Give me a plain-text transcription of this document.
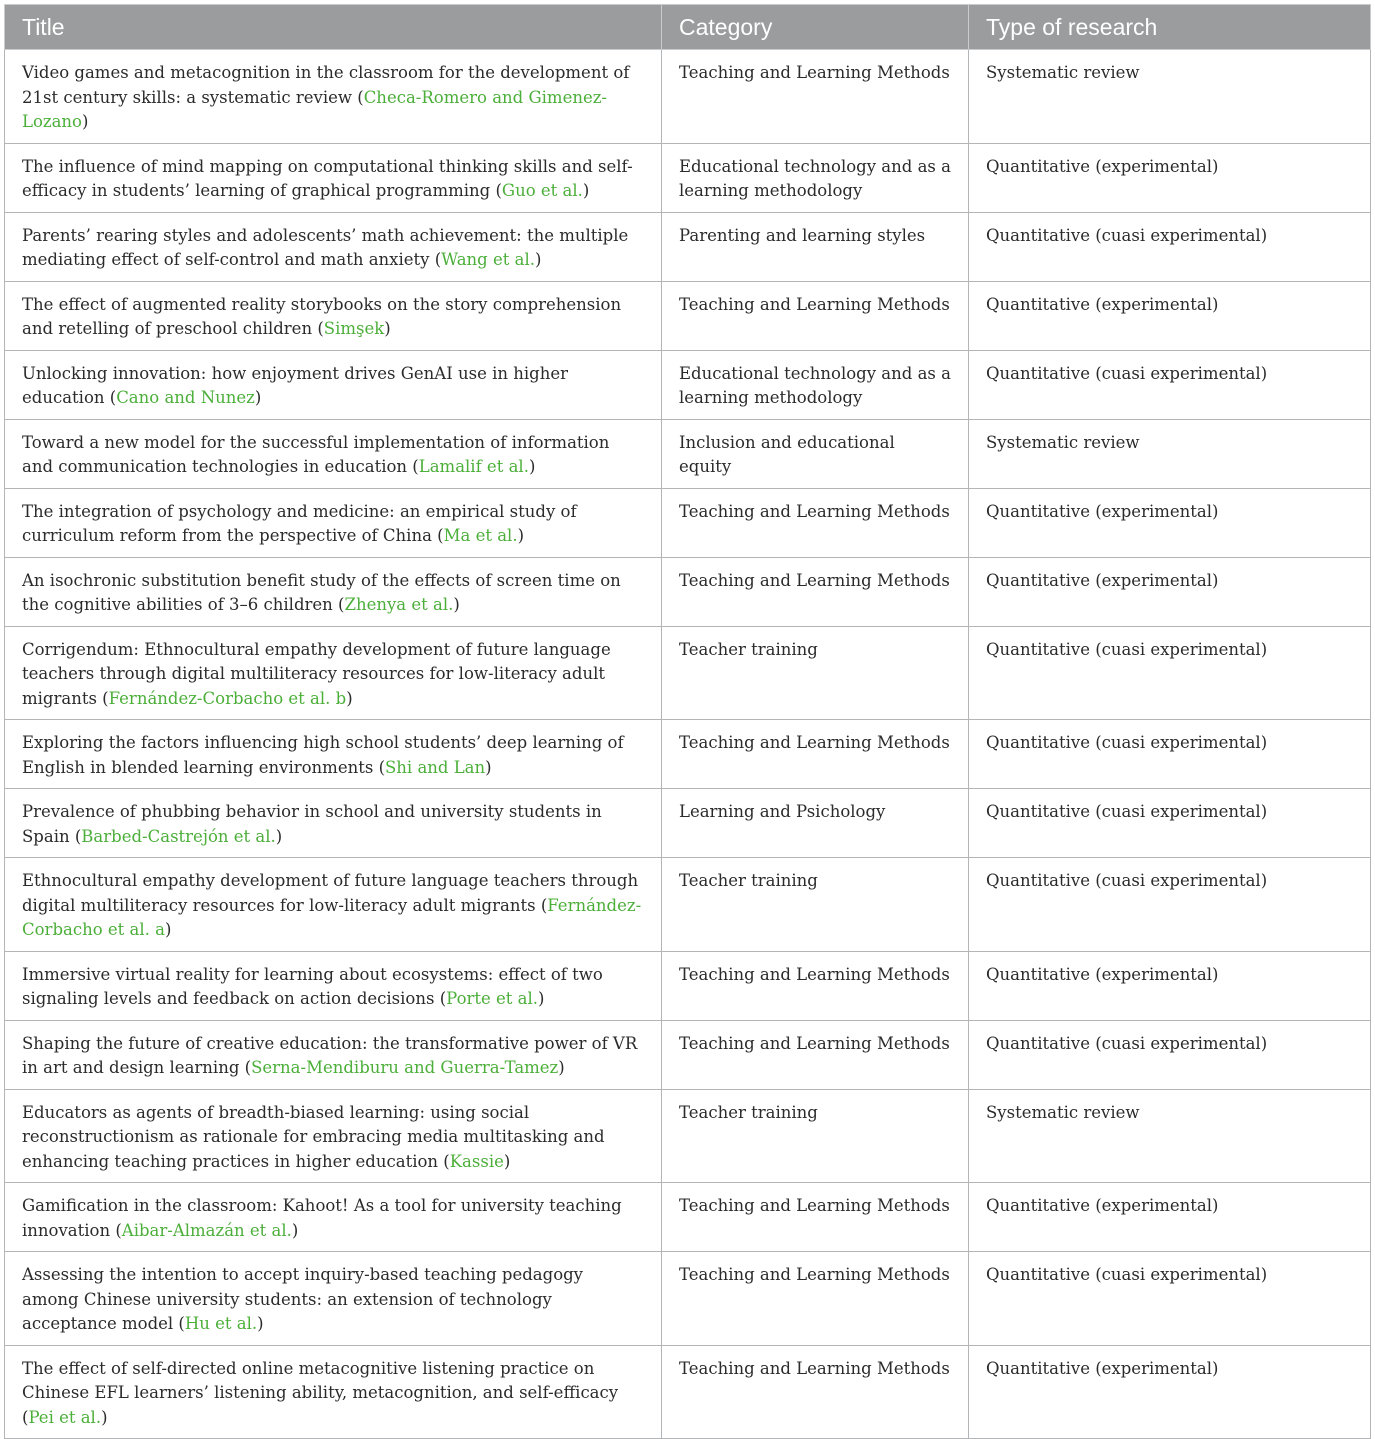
Title	Category	Type of research
Video games and metacognition in the classroom for the development of 21st century skills: a systematic review (Checa-Romero and Gimenez-Lozano)	Teaching and Learning Methods	Systematic review
The influence of mind mapping on computational thinking skills and self-efficacy in students’ learning of graphical programming (Guo et al.)	Educational technology and as a learning methodology	Quantitative (experimental)
Parents’ rearing styles and adolescents’ math achievement: the multiple mediating effect of self-control and math anxiety (Wang et al.)	Parenting and learning styles	Quantitative (cuasi experimental)
The effect of augmented reality storybooks on the story comprehension and retelling of preschool children (Simşek)	Teaching and Learning Methods	Quantitative (experimental)
Unlocking innovation: how enjoyment drives GenAI use in higher education (Cano and Nunez)	Educational technology and as a learning methodology	Quantitative (cuasi experimental)
Toward a new model for the successful implementation of information and communication technologies in education (Lamalif et al.)	Inclusion and educational equity	Systematic review
The integration of psychology and medicine: an empirical study of curriculum reform from the perspective of China (Ma et al.)	Teaching and Learning Methods	Quantitative (experimental)
An isochronic substitution benefit study of the effects of screen time on the cognitive abilities of 3–6 children (Zhenya et al.)	Teaching and Learning Methods	Quantitative (experimental)
Corrigendum: Ethnocultural empathy development of future language teachers through digital multiliteracy resources for low-literacy adult migrants (Fernández-Corbacho et al. b)	Teacher training	Quantitative (cuasi experimental)
Exploring the factors influencing high school students’ deep learning of English in blended learning environments (Shi and Lan)	Teaching and Learning Methods	Quantitative (cuasi experimental)
Prevalence of phubbing behavior in school and university students in Spain (Barbed-Castrejón et al.)	Learning and Psichology	Quantitative (cuasi experimental)
Ethnocultural empathy development of future language teachers through digital multiliteracy resources for low-literacy adult migrants (Fernández-Corbacho et al. a)	Teacher training	Quantitative (cuasi experimental)
Immersive virtual reality for learning about ecosystems: effect of two signaling levels and feedback on action decisions (Porte et al.)	Teaching and Learning Methods	Quantitative (experimental)
Shaping the future of creative education: the transformative power of VR in art and design learning (Serna-Mendiburu and Guerra-Tamez)	Teaching and Learning Methods	Quantitative (cuasi experimental)
Educators as agents of breadth-biased learning: using social reconstructionism as rationale for embracing media multitasking and enhancing teaching practices in higher education (Kassie)	Teacher training	Systematic review
Gamification in the classroom: Kahoot! As a tool for university teaching innovation (Aibar-Almazán et al.)	Teaching and Learning Methods	Quantitative (experimental)
Assessing the intention to accept inquiry-based teaching pedagogy among Chinese university students: an extension of technology acceptance model (Hu et al.)	Teaching and Learning Methods	Quantitative (cuasi experimental)
The effect of self-directed online metacognitive listening practice on Chinese EFL learners’ listening ability, metacognition, and self-efficacy (Pei et al.)	Teaching and Learning Methods	Quantitative (experimental)
